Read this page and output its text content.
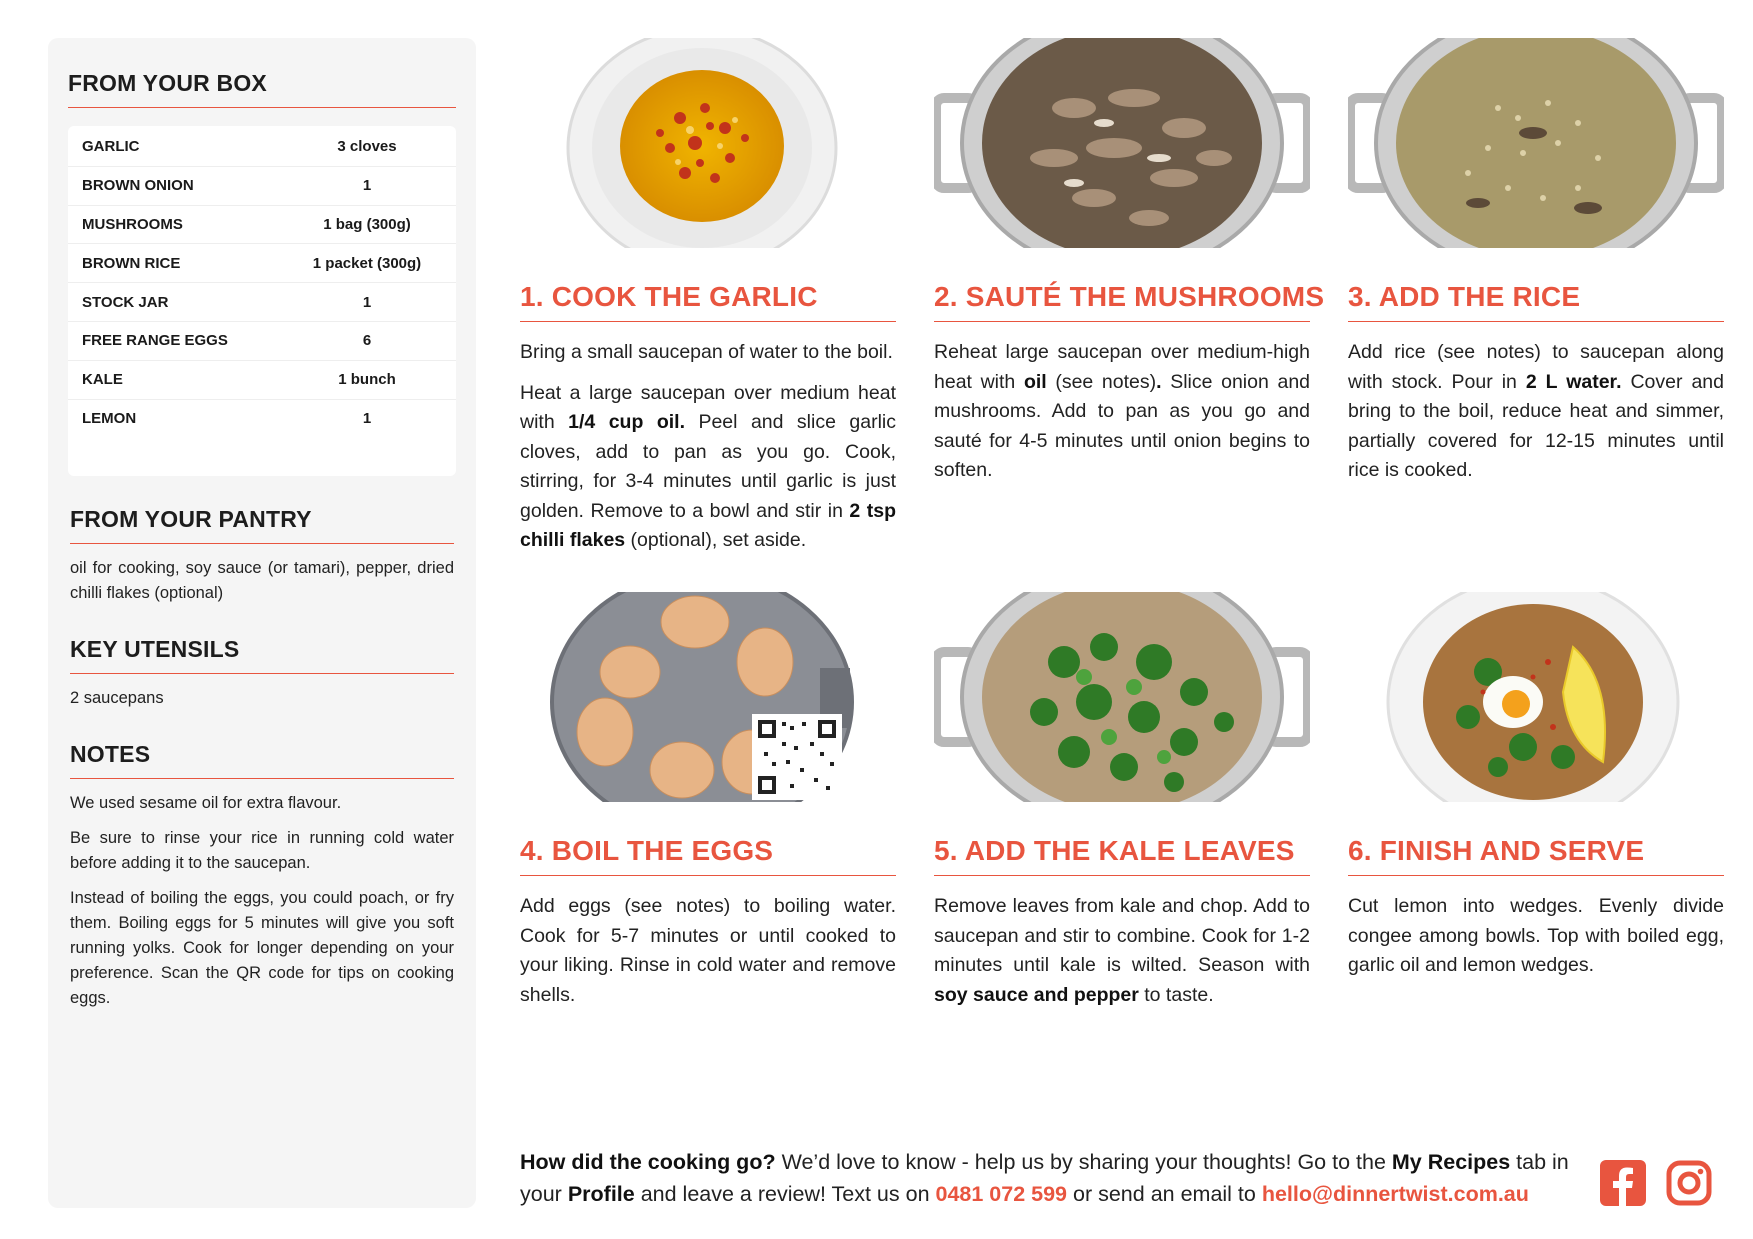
FROM YOUR BOX
GARLIC	3 cloves
BROWN ONION	1
MUSHROOMS	1 bag (300g)
BROWN RICE	1 packet (300g)
STOCK JAR	1
FREE RANGE EGGS	6
KALE	1 bunch
LEMON	1
FROM YOUR PANTRY

oil for cooking, soy sauce (or tamari), pepper, dried chilli flakes (optional)

KEY UTENSILS

2 saucepans

NOTES

We used sesame oil for extra flavour.

Be sure to rinse your rice in running cold water before adding it to the saucepan.

Instead of boiling the eggs, you could poach, or fry them. Boiling eggs for 5 minutes will give you soft running yolks. Cook for longer depending on your preference. Scan the QR code for tips on cooking eggs.

1. COOK THE GARLIC

Bring a small saucepan of water to the boil.

Heat a large saucepan over medium heat with 1/4 cup oil. Peel and slice garlic cloves, add to pan as you go. Cook, stirring, for 3-4 minutes until garlic is just golden. Remove to a bowl and stir in 2 tsp chilli flakes (optional), set aside.

2. SAUTÉ THE MUSHROOMS

Reheat large saucepan over medium-high heat with oil (see notes). Slice onion and mushrooms. Add to pan as you go and sauté for 4-5 minutes until onion begins to soften.

3. ADD THE RICE

Add rice (see notes) to saucepan along with stock. Pour in 2 L water. Cover and bring to the boil, reduce heat and simmer, partially covered for 12-15 minutes until rice is cooked.

4. BOIL THE EGGS

Add eggs (see notes) to boiling water. Cook for 5-7 minutes or until cooked to your liking. Rinse in cold water and remove shells.

5. ADD THE KALE LEAVES

Remove leaves from kale and chop. Add to saucepan and stir to combine. Cook for 1-2 minutes until kale is wilted. Season with soy sauce and pepper to taste.

6. FINISH AND SERVE

Cut lemon into wedges. Evenly divide congee among bowls. Top with boiled egg, garlic oil and lemon wedges.

How did the cooking go? We’d love to know - help us by sharing your thoughts! Go to the My Recipes tab in your Profile and leave a review! Text us on 0481 072 599 or send an email to hello@dinnertwist.com.au
